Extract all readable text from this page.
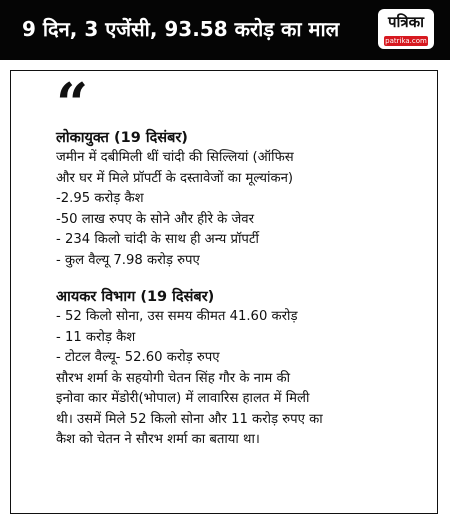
9 दिन, 3 एजेंसी, 93.58 करोड़ का माल	पत्रिका
patrika.com
“

लोकायुक्त (19 दिसंबर)

जमीन में दबीमिली थीं चांदी की सिल्लियां (ऑफिस

और घर में मिले प्रॉपर्टी के दस्तावेजों का मूल्यांकन)

-2.95 करोड़ कैश

-50 लाख रुपए के सोने और हीरे के जेवर

- 234 किलो चांदी के साथ ही अन्य प्रॉपर्टी

- कुल वैल्यू 7.98 करोड़ रुपए

आयकर विभाग (19 दिसंबर)

- 52 किलो सोना, उस समय कीमत 41.60 करोड़

- 11 करोड़ कैश

- टोटल वैल्यू- 52.60 करोड़ रुपए

सौरभ शर्मा के सहयोगी चेतन सिंह गौर के नाम की

इनोवा कार मेंडोरी(भोपाल) में लावारिस हालत में मिली

थी। उसमें मिले 52 किलो सोना और 11 करोड़ रुपए का

कैश को चेतन ने सौरभ शर्मा का बताया था।
